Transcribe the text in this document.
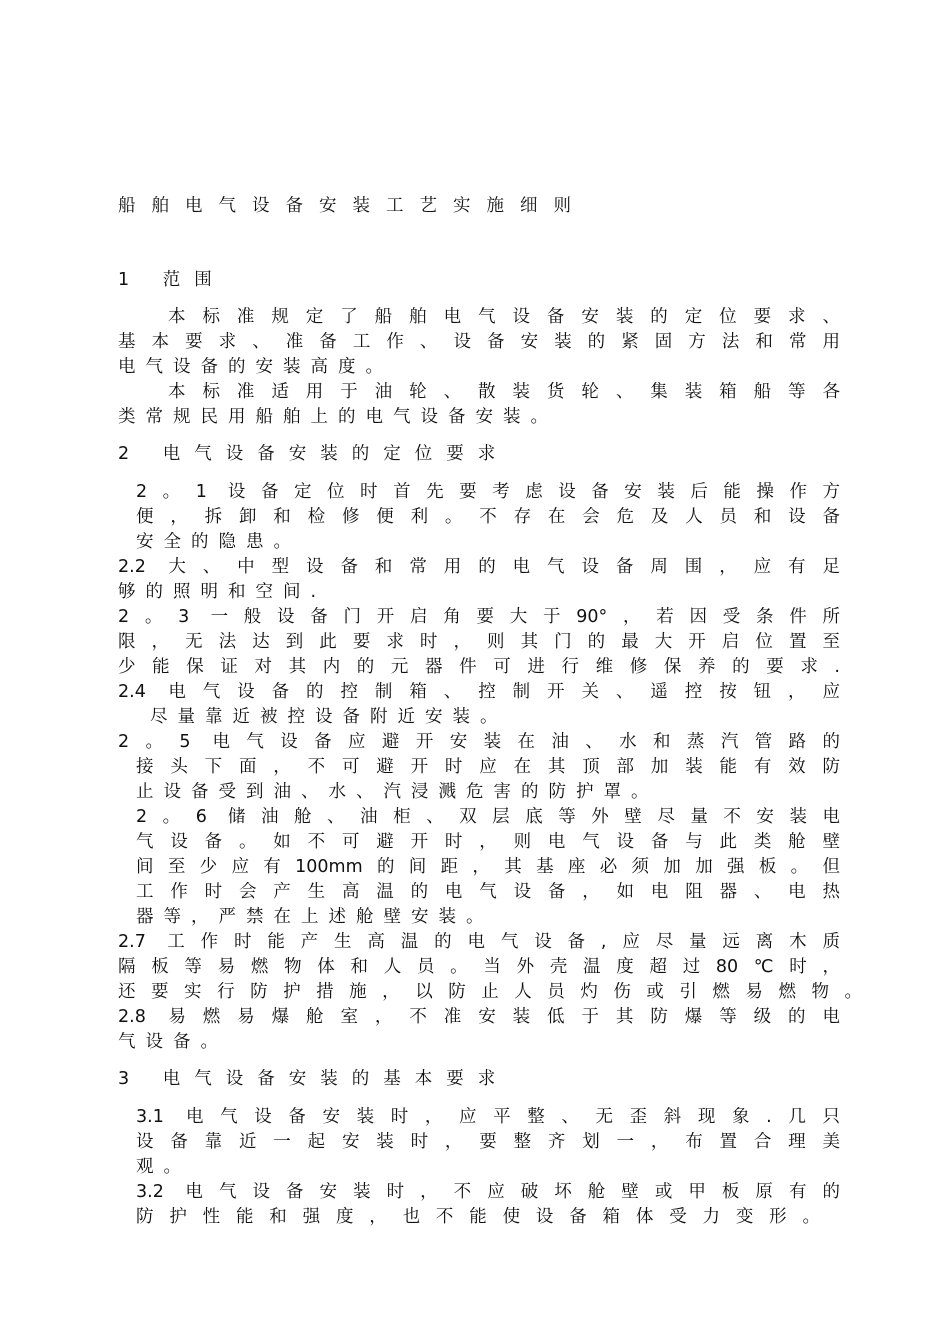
船舶电气设备安装工艺实施细则
1 范围
本标准规定了船舶电气设备安装的定位要求、
基本要求、准备工作、设备安装的紧固方法和常用
电气设备的安装高度。
本标准适用于油轮、散装货轮、集装箱船等各
类常规民用船舶上的电气设备安装。
2 电气设备安装的定位要求
2。1 设备定位时首先要考虑设备安装后能操作方
便，拆卸和检修便利。不存在会危及人员和设备
安全的隐患。
2.2 大、中型设备和常用的电气设备周围，应有足
够的照明和空间.
2。3 一般设备门开启角要大于90°，若因受条件所
限，无法达到此要求时，则其门的最大开启位置至
少能保证对其内的元器件可进行维修保养的要求.
2.4 电气设备的控制箱、控制开关、遥控按钮，应
尽量靠近被控设备附近安装。
2。5 电气设备应避开安装在油、水和蒸汽管路的
接头下面，不可避开时应在其顶部加装能有效防
止设备受到油、水、汽浸溅危害的防护罩。
2。6 储油舱、油柜、双层底等外壁尽量不安装电
气设备。如不可避开时，则电气设备与此类舱壁
间至少应有100mm的间距，其基座必须加加强板。但
工作时会产生高温的电气设备，如电阻器、电热
器等，严禁在上述舱壁安装。
2.7 工作时能产生高温的电气设备,应尽量远离木质
隔板等易燃物体和人员。当外壳温度超过80℃时，
还要实行防护措施，以防止人员灼伤或引燃易燃物。
2.8 易燃易爆舱室，不准安装低于其防爆等级的电
气设备。
3 电气设备安装的基本要求
3.1 电气设备安装时，应平整、无歪斜现象.几只
设备靠近一起安装时，要整齐划一，布置合理美
观。
3.2 电气设备安装时，不应破坏舱壁或甲板原有的
防护性能和强度，也不能使设备箱体受力变形。
